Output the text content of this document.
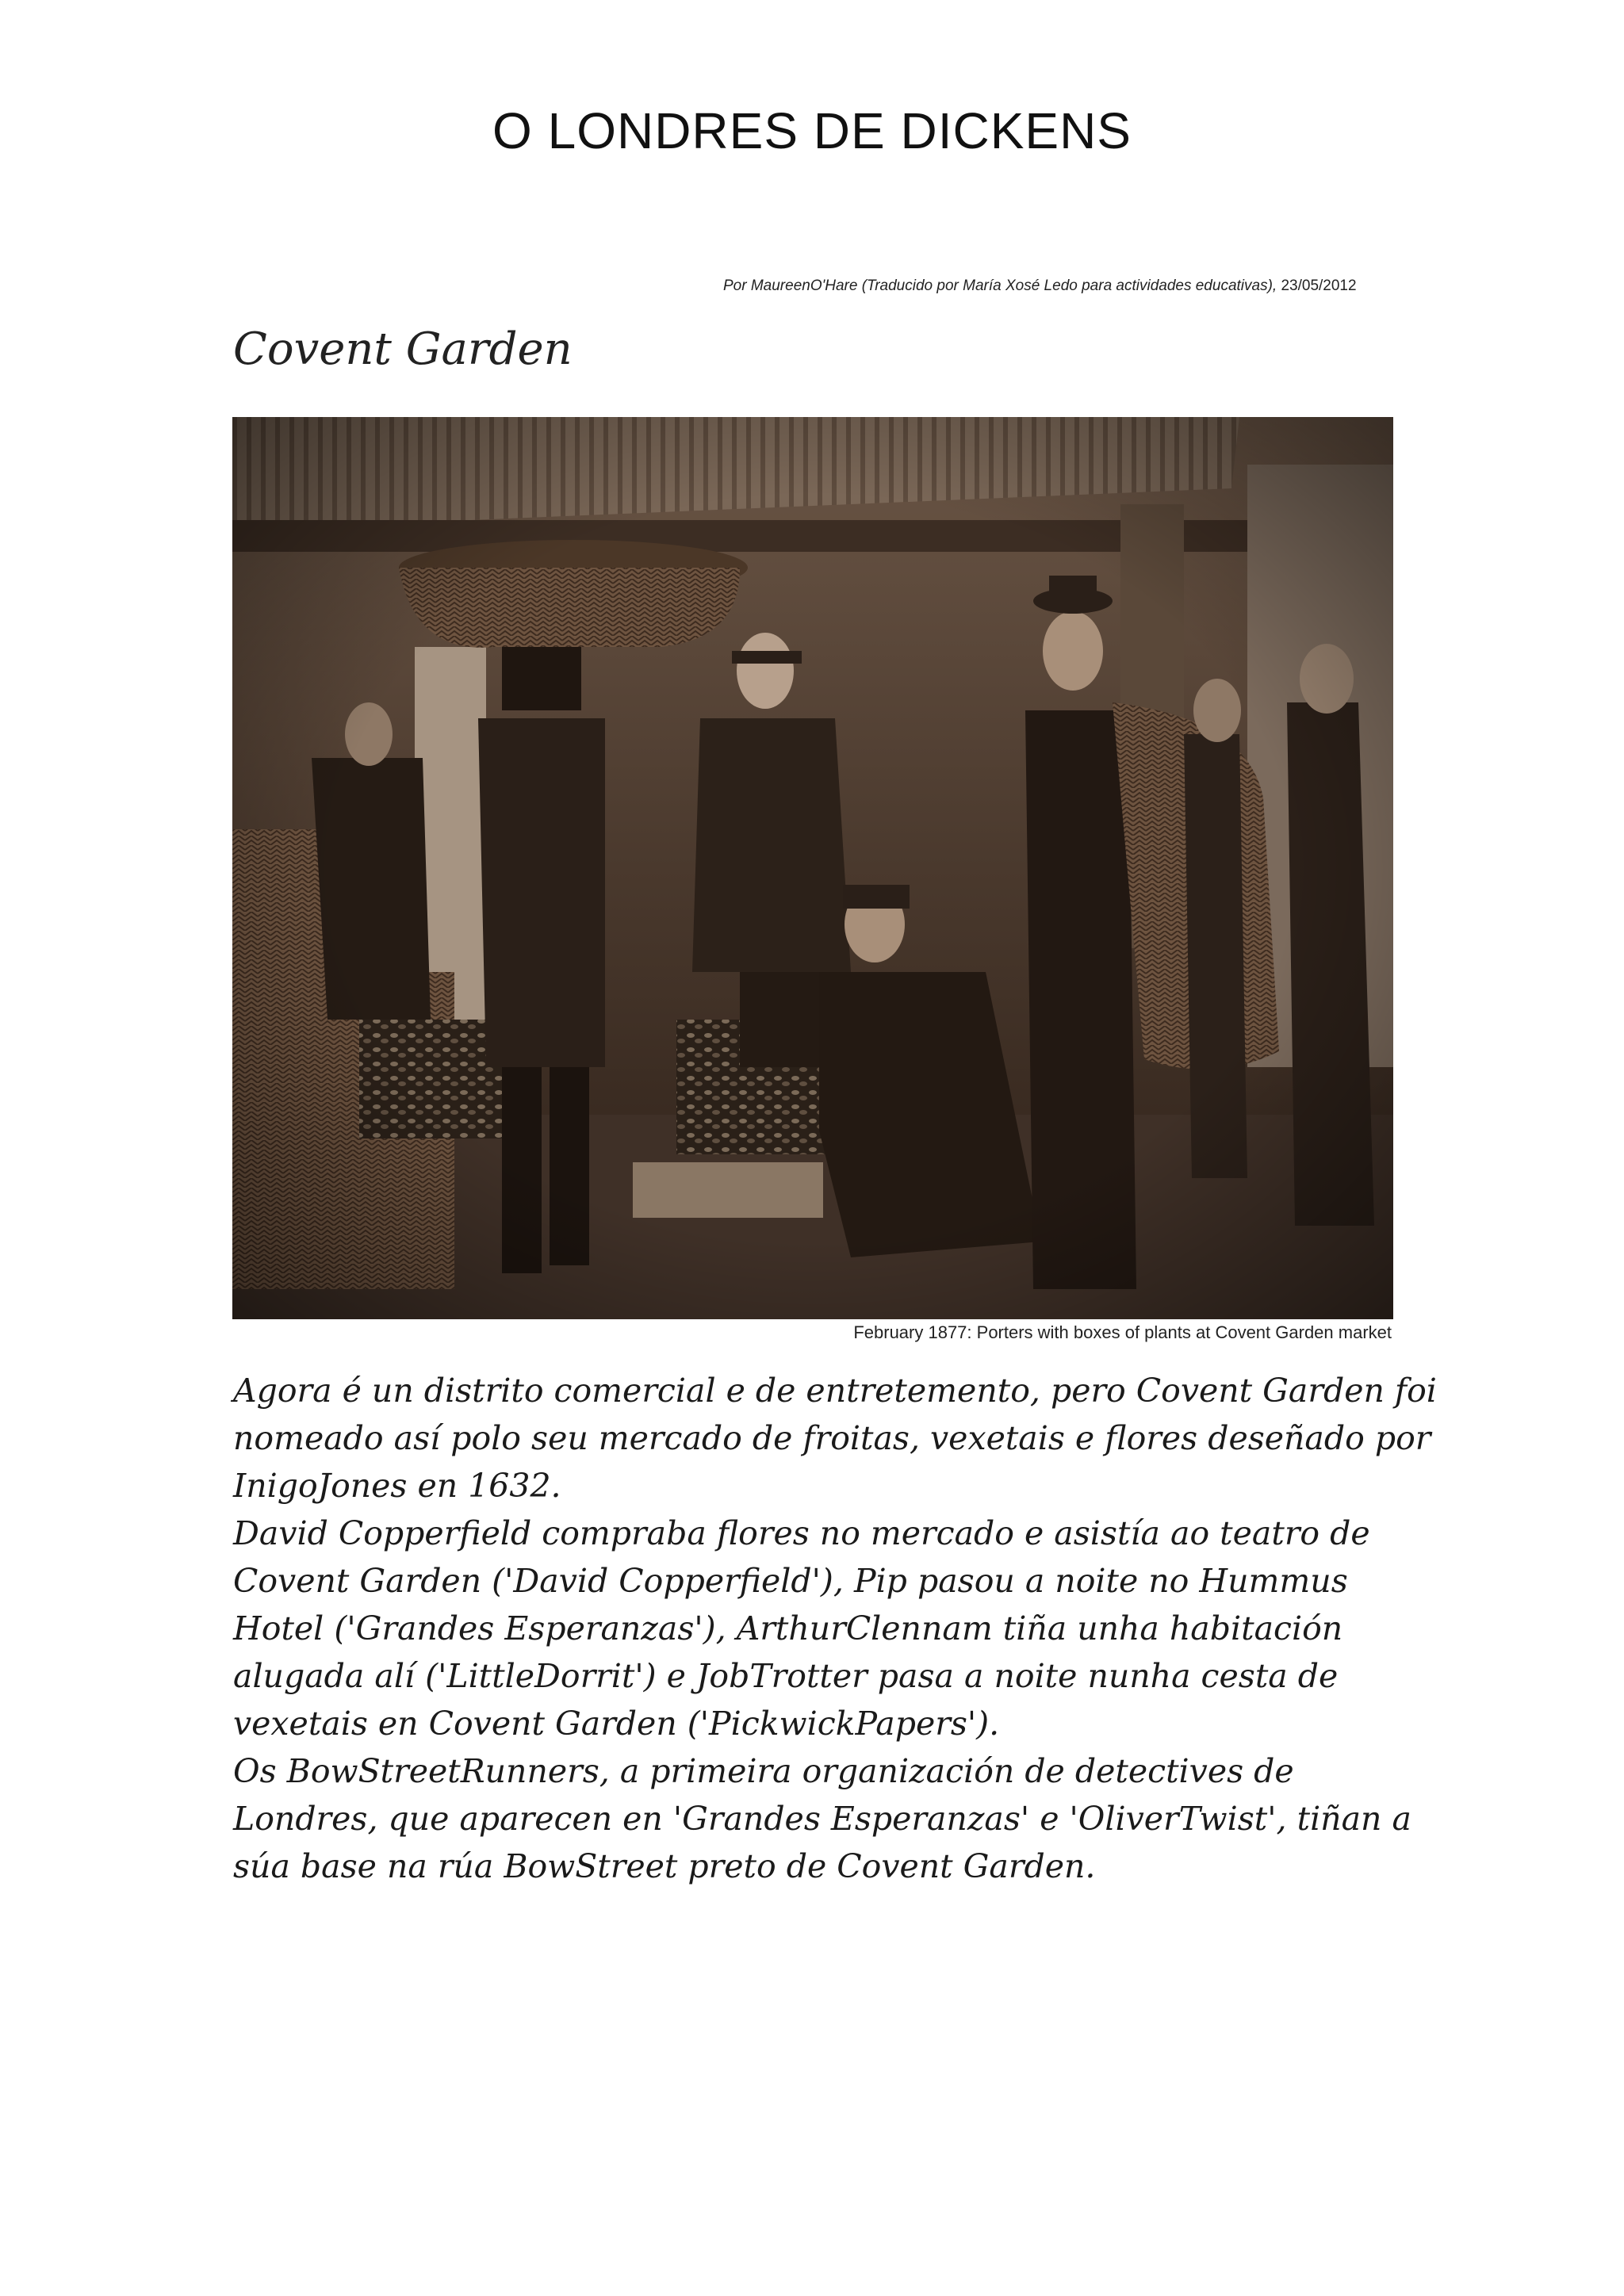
O LONDRES DE DICKENS
Por MaureenO'Hare (Traducido por María Xosé Ledo para actividades educativas), 23/05/2012
Covent Garden
February 1877: Porters with boxes of plants at Covent Garden market
Agora é un distrito comercial e de entretemento, pero Covent Garden foi
nomeado así polo seu mercado de froitas, vexetais e flores deseñado por
InigoJones en 1632.
David Copperfield compraba flores no mercado e asistía ao teatro de
Covent Garden ('David Copperfield'), Pip pasou a noite no Hummus
Hotel ('Grandes Esperanzas'), ArthurClennam tiña unha habitación
alugada alí ('LittleDorrit') e JobTrotter pasa a noite nunha cesta de
vexetais en Covent Garden ('PickwickPapers').
Os BowStreetRunners, a primeira organización de detectives de
Londres, que aparecen en 'Grandes Esperanzas' e 'OliverTwist', tiñan a
súa base na rúa BowStreet preto de Covent Garden.
